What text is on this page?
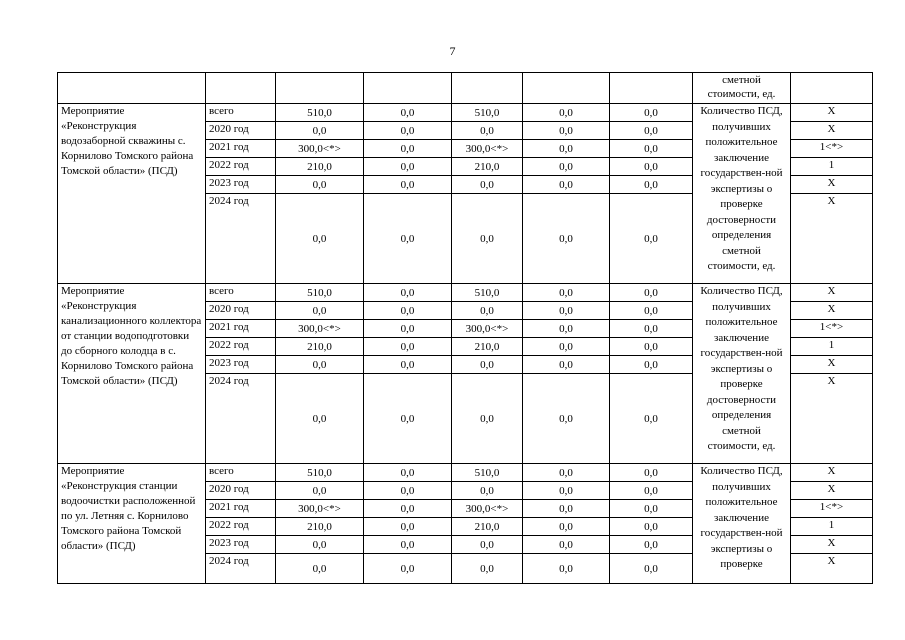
7
							сметной стоимости, ед.	
Мероприятие «Реконструкция водозаборной скважины с. Корнилово Томского района Томской области» (ПСД)	всего	510,0	0,0	510,0	0,0	0,0	Количество ПСД, получивших положительное заключение государствен-ной экспертизы о проверке достоверности определения сметной стоимости, ед.	X
	2020 год	0,0	0,0	0,0	0,0	0,0		X
	2021 год	300,0<*>	0,0	300,0<*>	0,0	0,0		1<*>
	2022 год	210,0	0,0	210,0	0,0	0,0		1
	2023 год	0,0	0,0	0,0	0,0	0,0		X
	2024 год	0,0	0,0	0,0	0,0	0,0		X
Мероприятие «Реконструкция канализационного коллектора от станции водоподготовки до сборного колодца в с. Корнилово Томского района Томской области» (ПСД)	всего	510,0	0,0	510,0	0,0	0,0	Количество ПСД, получивших положительное заключение государствен-ной экспертизы о проверке достоверности определения сметной стоимости, ед.	X
	2020 год	0,0	0,0	0,0	0,0	0,0		X
	2021 год	300,0<*>	0,0	300,0<*>	0,0	0,0		1<*>
	2022 год	210,0	0,0	210,0	0,0	0,0		1
	2023 год	0,0	0,0	0,0	0,0	0,0		X
	2024 год	0,0	0,0	0,0	0,0	0,0		X
Мероприятие «Реконструкция станции водоочистки расположенной по ул. Летняя с. Корнилово Томского района Томской области» (ПСД)	всего	510,0	0,0	510,0	0,0	0,0	Количество ПСД, получивших положительное заключение государствен-ной экспертизы о проверке	X
	2020 год	0,0	0,0	0,0	0,0	0,0		X
	2021 год	300,0<*>	0,0	300,0<*>	0,0	0,0		1<*>
	2022 год	210,0	0,0	210,0	0,0	0,0		1
	2023 год	0,0	0,0	0,0	0,0	0,0		X
	2024 год	0,0	0,0	0,0	0,0	0,0		X
